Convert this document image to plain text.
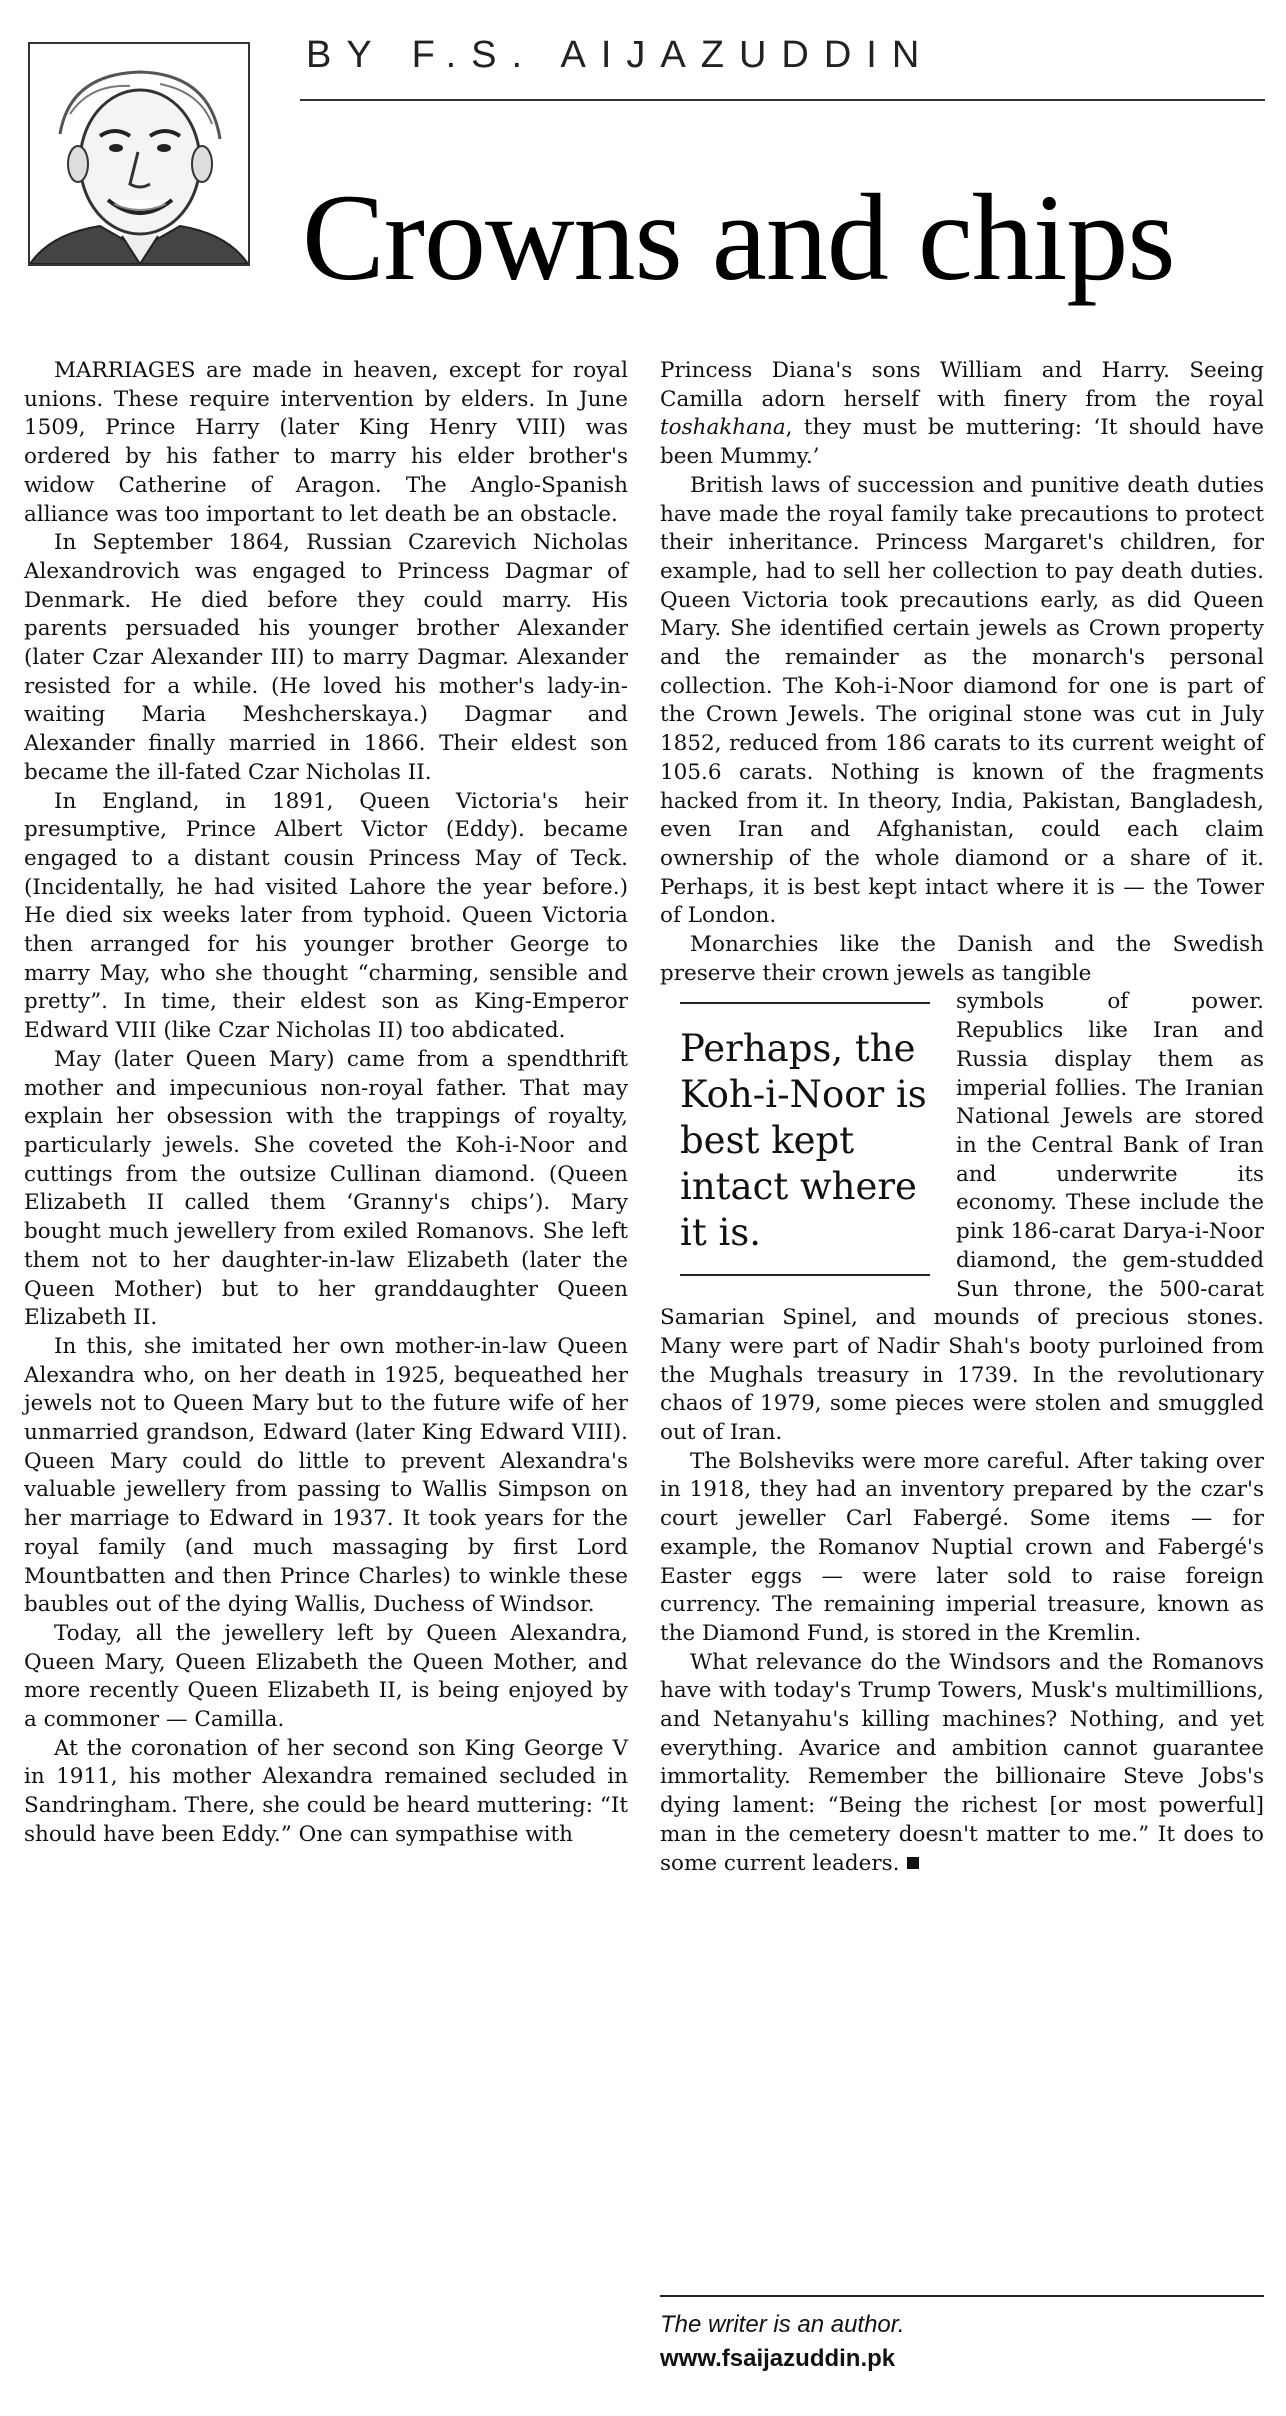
BY F.S. AIJAZUDDIN
Crowns and chips

MARRIAGES are made in heaven, except for royal unions. These require intervention by elders. In June 1509, Prince Harry (later King Henry VIII) was ordered by his father to marry his elder brother's widow Catherine of Aragon. The Anglo-Spanish alliance was too important to let death be an obstacle.

In September 1864, Russian Czarevich Nicholas Alexandrovich was engaged to Princess Dagmar of Denmark. He died before they could marry. His parents persuaded his younger brother Alexander (later Czar Alexander III) to marry Dagmar. Alexander resisted for a while. (He loved his mother's lady-in-waiting Maria Meshcherskaya.) Dagmar and Alexander finally married in 1866. Their eldest son became the ill-fated Czar Nicholas II.

In England, in 1891, Queen Victoria's heir presumptive, Prince Albert Victor (Eddy). became engaged to a distant cousin Princess May of Teck. (Incidentally, he had visited Lahore the year before.) He died six weeks later from typhoid. Queen Victoria then arranged for his younger brother George to marry May, who she thought “charming, sensible and pretty”. In time, their eldest son as King-Emperor Edward VIII (like Czar Nicholas II) too abdicated.

May (later Queen Mary) came from a spendthrift mother and impecunious non-royal father. That may explain her obsession with the trappings of royalty, particularly jewels. She coveted the Koh-i-Noor and cuttings from the outsize Cullinan diamond. (Queen Elizabeth II called them ‘Granny's chips’). Mary bought much jewellery from exiled Romanovs. She left them not to her daughter-in-law Elizabeth (later the Queen Mother) but to her granddaughter Queen Elizabeth II.

In this, she imitated her own mother-in-law Queen Alexandra who, on her death in 1925, bequeathed her jewels not to Queen Mary but to the future wife of her unmarried grandson, Edward (later King Edward VIII). Queen Mary could do little to prevent Alexandra's valuable jewellery from passing to Wallis Simpson on her marriage to Edward in 1937. It took years for the royal family (and much massaging by first Lord Mountbatten and then Prince Charles) to winkle these baubles out of the dying Wallis, Duchess of Windsor.

Today, all the jewellery left by Queen Alexandra, Queen Mary, Queen Elizabeth the Queen Mother, and more recently Queen Elizabeth II, is being enjoyed by a commoner — Camilla.

At the coronation of her second son King George V in 1911, his mother Alexandra remained secluded in Sandringham. There, she could be heard muttering: “It should have been Eddy.” One can sympathise with

Princess Diana's sons William and Harry. Seeing Camilla adorn herself with finery from the royal toshakhana, they must be muttering: ‘It should have been Mummy.’

British laws of succession and punitive death duties have made the royal family take precautions to protect their inheritance. Princess Margaret's children, for example, had to sell her collection to pay death duties. Queen Victoria took precautions early, as did Queen Mary. She identified certain jewels as Crown property and the remainder as the monarch's personal collection. The Koh-i-Noor diamond for one is part of the Crown Jewels. The original stone was cut in July 1852, reduced from 186 carats to its current weight of 105.6 carats. Nothing is known of the fragments hacked from it. In theory, India, Pakistan, Bangladesh, even Iran and Afghanistan, could each claim ownership of the whole diamond or a share of it. Perhaps, it is best kept intact where it is — the Tower of London.

Monarchies like the Danish and the Swedish preserve their crown jewels as tangible

Perhaps, the Koh-i-Noor is best kept intact where it is.

symbols of power. Republics like Iran and Russia display them as imperial follies. The Iranian National Jewels are stored in the Central Bank of Iran and underwrite its economy. These include the pink 186-carat Darya-i-Noor diamond, the gem-studded Sun throne, the 500-carat Samarian Spinel, and mounds of precious stones. Many were part of Nadir Shah's booty purloined from the Mughals treasury in 1739. In the revolutionary chaos of 1979, some pieces were stolen and smuggled out of Iran.

The Bolsheviks were more careful. After taking over in 1918, they had an inventory prepared by the czar's court jeweller Carl Fabergé. Some items — for example, the Romanov Nuptial crown and Fabergé's Easter eggs — were later sold to raise foreign currency. The remaining imperial treasure, known as the Diamond Fund, is stored in the Kremlin.

What relevance do the Windsors and the Romanovs have with today's Trump Towers, Musk's multimillions, and Netanyahu's killing machines? Nothing, and yet everything. Avarice and ambition cannot guarantee immortality. Remember the billionaire Steve Jobs's dying lament: “Being the richest [or most powerful] man in the cemetery doesn't matter to me.” It does to some current leaders.

The writer is an author.
www.fsaijazuddin.pk
